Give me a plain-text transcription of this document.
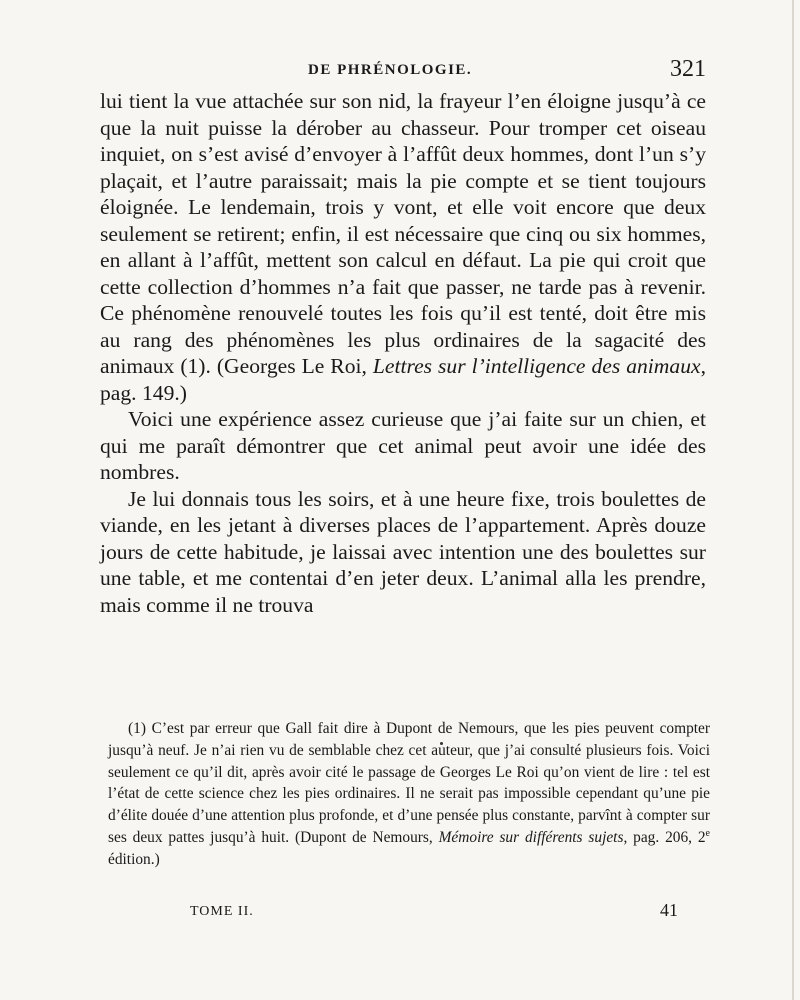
DE PHRÉNOLOGIE.	321

lui tient la vue attachée sur son nid, la frayeur l’en éloigne jusqu’à ce que la nuit puisse la dérober au chasseur. Pour tromper cet oiseau inquiet, on s’est avisé d’envoyer à l’affût deux hommes, dont l’un s’y plaçait, et l’autre paraissait; mais la pie compte et se tient toujours éloignée. Le lendemain, trois y vont, et elle voit encore que deux seulement se retirent; enfin, il est nécessaire que cinq ou six hommes, en allant à l’affût, mettent son calcul en défaut. La pie qui croit que cette collection d’hommes n’a fait que passer, ne tarde pas à revenir. Ce phénomène renouvelé toutes les fois qu’il est tenté, doit être mis au rang des phénomènes les plus ordinaires de la sagacité des animaux (1). (Georges Le Roi, Lettres sur l’intelligence des animaux, pag. 149.)

Voici une expérience assez curieuse que j’ai faite sur un chien, et qui me paraît démontrer que cet animal peut avoir une idée des nombres.

Je lui donnais tous les soirs, et à une heure fixe, trois boulettes de viande, en les jetant à diverses places de l’appartement. Après douze jours de cette habitude, je laissai avec intention une des boulettes sur une table, et me contentai d’en jeter deux. L’animal alla les prendre, mais comme il ne trouva

(1) C’est par erreur que Gall fait dire à Dupont de Nemours, que les pies peuvent compter jusqu’à neuf. Je n’ai rien vu de semblable chez cet auteur, que j’ai consulté plusieurs fois. Voici seulement ce qu’il dit, après avoir cité le passage de Georges Le Roi qu’on vient de lire : tel est l’état de cette science chez les pies ordinaires. Il ne serait pas impossible cependant qu’une pie d’élite douée d’une attention plus profonde, et d’une pensée plus constante, parvînt à compter sur ses deux pattes jusqu’à huit. (Dupont de Nemours, Mémoire sur différents sujets, pag. 206, 2e édition.)

TOME II.	41
